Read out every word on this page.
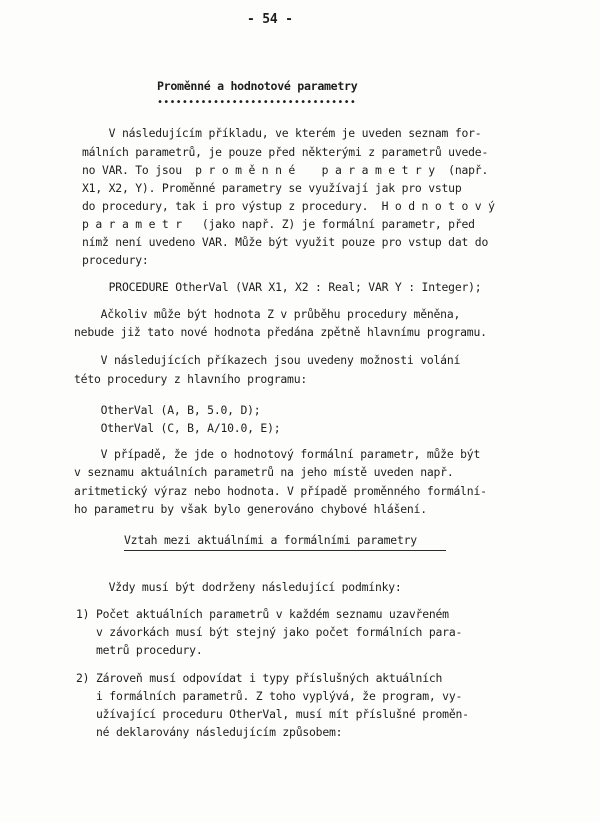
- 54 -
Proměnné a hodnotové parametry
••••••••••••••••••••••••••••••••
V následujícím příkladu, ve kterém je uveden seznam for-
málních parametrů, je pouze před některými z parametrů uvede-
no VAR. To jsou  p r o m ě n n é    p a r a m e t r y  (např.
X1, X2, Y). Proměnné parametry se využívají jak pro vstup
do procedury, tak i pro výstup z procedury.  H o d n o t o v ý
p a r a m e t r   (jako např. Z) je formální parametr, před
nímž není uvedeno VAR. Může být využit pouze pro vstup dat do
procedury:
PROCEDURE OtherVal (VAR X1, X2 : Real; VAR Y : Integer);
Ačkoliv může být hodnota Z v průběhu procedury měněna,
nebude již tato nové hodnota předána zpětně hlavnímu programu.
V následujících příkazech jsou uvedeny možnosti volání
této procedury z hlavního programu:
OtherVal (A, B, 5.0, D);
OtherVal (C, B, A/10.0, E);
V případě, že jde o hodnotový formální parametr, může být
v seznamu aktuálních parametrů na jeho místě uveden např.
aritmetický výraz nebo hodnota. V případě proměnného formální-
ho parametru by však bylo generováno chybové hlášení.
Vztah mezi aktuálními a formálními parametry
Vždy musí být dodrženy následující podmínky:
1) Počet aktuálních parametrů v každém seznamu uzavřeném
v závorkách musí být stejný jako počet formálních para-
metrů procedury.
2) Zároveň musí odpovídat i typy příslušných aktuálních
i formálních parametrů. Z toho vyplývá, že program, vy-
užívající proceduru OtherVal, musí mít příslušné proměn-
né deklarovány následujícím způsobem:
